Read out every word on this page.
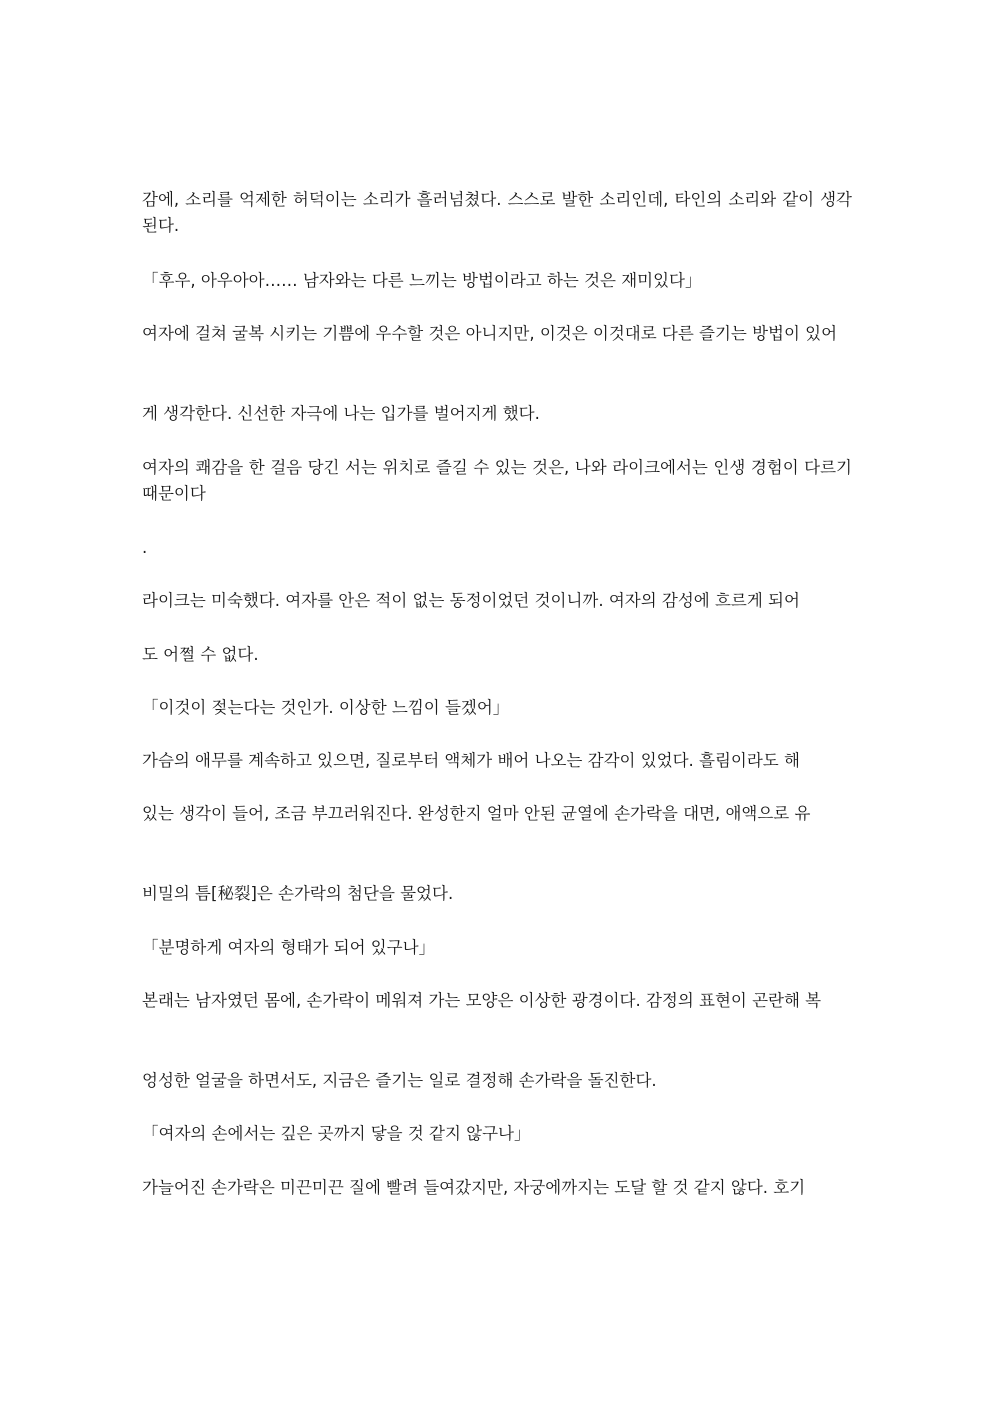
감에, 소리를 억제한 허덕이는 소리가 흘러넘쳤다. 스스로 발한 소리인데, 타인의 소리와 같이 생각된다.

「후우, 아우아아…… 남자와는 다른 느끼는 방법이라고 하는 것은 재미있다」

여자에 걸쳐 굴복 시키는 기쁨에 우수할 것은 아니지만, 이것은 이것대로 다른 즐기는 방법이 있어

게 생각한다. 신선한 자극에 나는 입가를 벌어지게 했다.

여자의 쾌감을 한 걸음 당긴 서는 위치로 즐길 수 있는 것은, 나와 라이크에서는 인생 경험이 다르기 때문이다

.

라이크는 미숙했다. 여자를 안은 적이 없는 동정이었던 것이니까. 여자의 감성에 흐르게 되어

도 어쩔 수 없다.

「이것이 젖는다는 것인가. 이상한 느낌이 들겠어」

가슴의 애무를 계속하고 있으면, 질로부터 액체가 배어 나오는 감각이 있었다. 흘림이라도 해

있는 생각이 들어, 조금 부끄러워진다. 완성한지 얼마 안된 균열에 손가락을 대면, 애액으로 유

비밀의 틈[秘裂]은 손가락의 첨단을 물었다.

「분명하게 여자의 형태가 되어 있구나」

본래는 남자였던 몸에, 손가락이 메워져 가는 모양은 이상한 광경이다. 감정의 표현이 곤란해 복

엉성한 얼굴을 하면서도, 지금은 즐기는 일로 결정해 손가락을 돌진한다.

「여자의 손에서는 깊은 곳까지 닿을 것 같지 않구나」

가늘어진 손가락은 미끈미끈 질에 빨려 들여갔지만, 자궁에까지는 도달 할 것 같지 않다. 호기
